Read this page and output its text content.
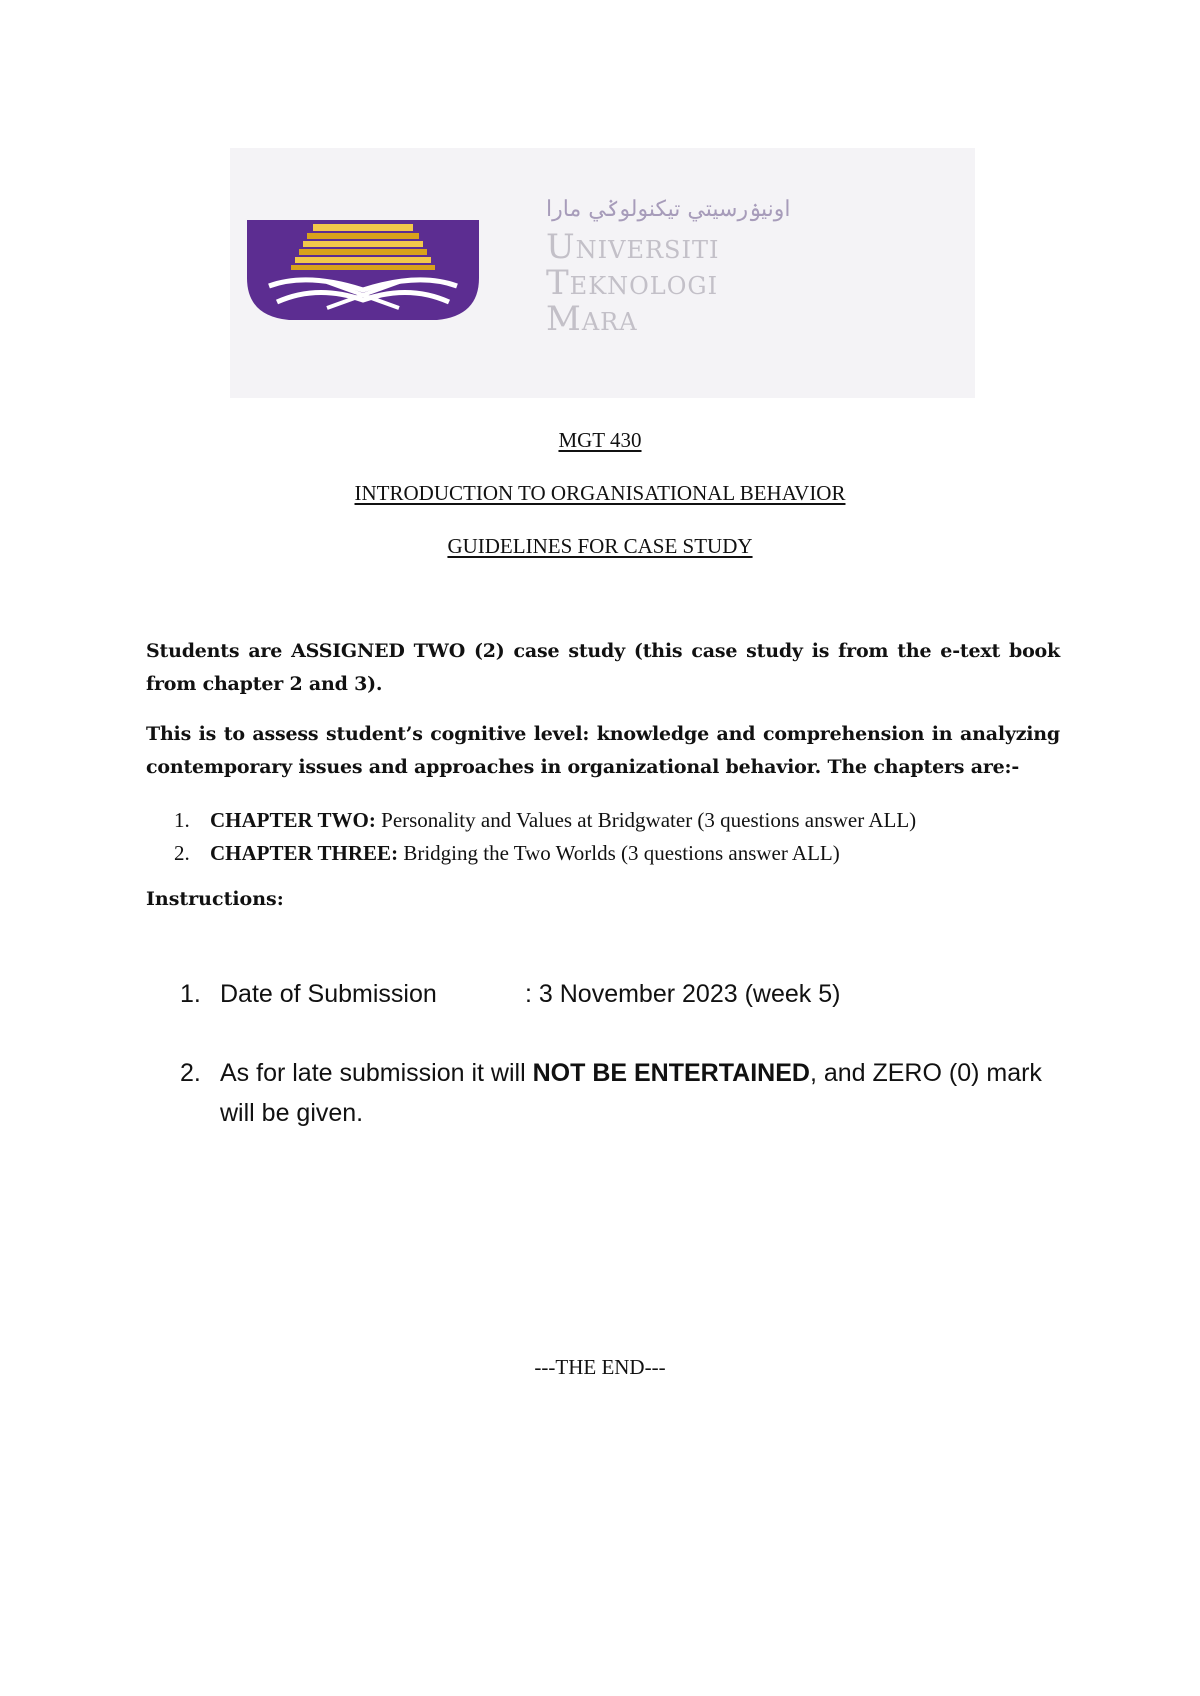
اونيۏرسيتي تيكنولوݢي مارا
Universiti
Teknologi
Mara
MGT 430
INTRODUCTION TO ORGANISATIONAL BEHAVIOR
GUIDELINES FOR CASE STUDY
Students are ASSIGNED TWO (2) case study (this case study is from the e-text book from chapter 2 and 3).
This is to assess student’s cognitive level: knowledge and comprehension in analyzing contemporary issues and approaches in organizational behavior. The chapters are:-
1. CHAPTER TWO: Personality and Values at Bridgwater (3 questions answer ALL)
2. CHAPTER THREE: Bridging the Two Worlds (3 questions answer ALL)
Instructions:
1. Date of Submission	: 3 November 2023 (week 5)
2. As for late submission it will NOT BE ENTERTAINED, and ZERO (0) mark will be given.
---THE END---
